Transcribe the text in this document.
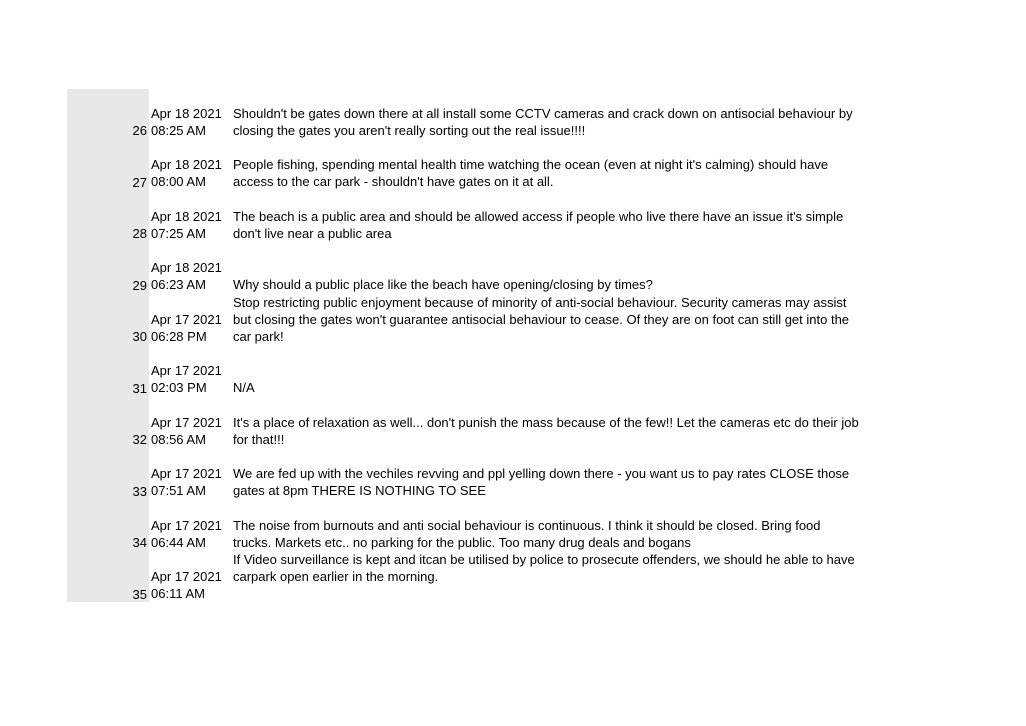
26
Apr 18 2021
08:25 AM
Shouldn't be gates down there at all install some CCTV cameras and crack down on antisocial behaviour by
closing the gates you aren't really sorting out the real issue!!!!
27
Apr 18 2021
08:00 AM
People fishing, spending mental health time watching the ocean (even at night it's calming) should have
access to the car park - shouldn't have gates on it at all.
28
Apr 18 2021
07:25 AM
The beach is a public area and should be allowed access if people who live there have an issue it's simple
don't live near a public area
29
Apr 18 2021
06:23 AM	Why should a public place like the beach have opening/closing by times?
30
Apr 17 2021
06:28 PM
Stop restricting public enjoyment because of minority of anti-social behaviour. Security cameras may assist
but closing the gates won't guarantee antisocial behaviour to cease. Of they are on foot can still get into the
car park!
31
Apr 17 2021
02:03 PM	N/A
32
Apr 17 2021
08:56 AM
It's a place of relaxation as well... don't punish the mass because of the few!! Let the cameras etc do their job
for that!!!
33
Apr 17 2021
07:51 AM
We are fed up with the vechiles revving and ppl yelling down there - you want us to pay rates CLOSE those
gates at 8pm THERE IS NOTHING TO SEE
34
Apr 17 2021
06:44 AM
The noise from burnouts and anti social behaviour is continuous. I think it should be closed. Bring food
trucks. Markets etc.. no parking for the public. Too many drug deals and bogans
35
Apr 17 2021
06:11 AM
If Video surveillance is kept and itcan be utilised by police to prosecute offenders, we should he able to have
carpark open earlier in the morning.
